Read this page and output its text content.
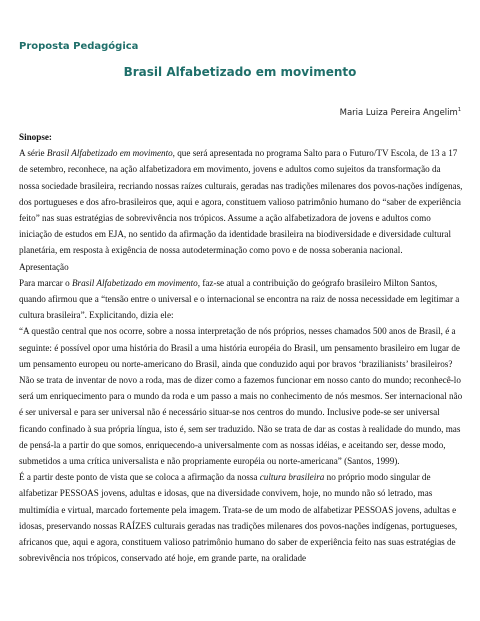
Proposta Pedagógica
Brasil Alfabetizado em movimento
Maria Luiza Pereira Angelim$^1$

Sinopse:

A série Brasil Alfabetizado em movimento, que será apresentada no programa Salto para o Futuro/TV Escola, de 13 a 17 de setembro, reconhece, na ação alfabetizadora em movimento, jovens e adultos como sujeitos da transformação da nossa sociedade brasileira, recriando nossas raízes culturais, geradas nas tradições milenares dos povos-nações indígenas, dos portugueses e dos afro-brasileiros que, aqui e agora, constituem valioso patrimônio humano do “saber de experiência feito” nas suas estratégias de sobrevivência nos trópicos. Assume a ação alfabetizadora de jovens e adultos como iniciação de estudos em EJA, no sentido da afirmação da identidade brasileira na biodiversidade e diversidade cultural planetária, em resposta à exigência de nossa autodeterminação como povo e de nossa soberania nacional.

Apresentação

Para marcar o Brasil Alfabetizado em movimento, faz-se atual a contribuição do geógrafo brasileiro Milton Santos, quando afirmou que a “tensão entre o universal e o internacional se encontra na raiz de nossa necessidade em legitimar a cultura brasileira”. Explicitando, dizia ele:

“A questão central que nos ocorre, sobre a nossa interpretação de nós próprios, nesses chamados 500 anos de Brasil, é a seguinte: é possível opor uma história do Brasil a uma história européia do Brasil, um pensamento brasileiro em lugar de um pensamento europeu ou norte-americano do Brasil, ainda que conduzido aqui por bravos ‘brazilianists’ brasileiros? Não se trata de inventar de novo a roda, mas de dizer como a fazemos funcionar em nosso canto do mundo; reconhecê-lo será um enriquecimento para o mundo da roda e um passo a mais no conhecimento de nós mesmos. Ser internacional não é ser universal e para ser universal não é necessário situar-se nos centros do mundo. Inclusive pode-se ser universal ficando confinado à sua própria língua, isto é, sem ser traduzido. Não se trata de dar as costas à realidade do mundo, mas de pensá-la a partir do que somos, enriquecendo-a universalmente com as nossas idéias, e aceitando ser, desse modo, submetidos a uma crítica universalista e não propriamente européia ou norte-americana” (Santos, 1999).

É a partir deste ponto de vista que se coloca a afirmação da nossa cultura brasileira no próprio modo singular de alfabetizar PESSOAS jovens, adultas e idosas, que na diversidade convivem, hoje, no mundo não só letrado, mas multimídia e virtual, marcado fortemente pela imagem. Trata-se de um modo de alfabetizar PESSOAS jovens, adultas e idosas, preservando nossas RAÍZES culturais geradas nas tradições milenares dos povos-nações indígenas, portugueses, africanos que, aqui e agora, constituem valioso patrimônio humano do saber de experiência feito nas suas estratégias de sobrevivência nos trópicos, conservado até hoje, em grande parte, na oralidade
